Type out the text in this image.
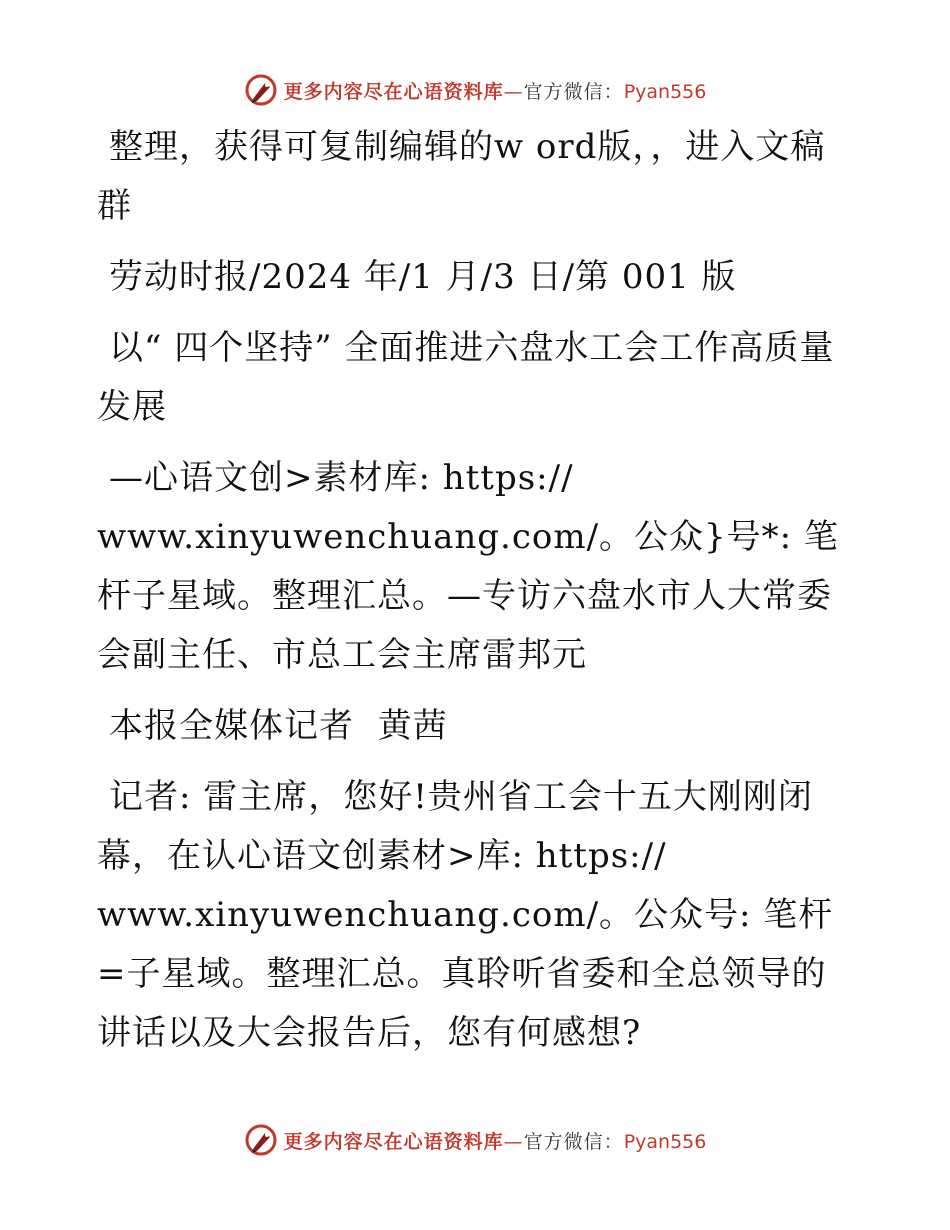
更多内容尽在心语资料库—官方微信：Pyan556

整理，获得可复制编辑的w ord版，，进入文稿群

劳动时报/2024 年/1 月/3 日/第 001 版

以“ 四个坚持” 全面推进六盘水工会工作高质量发展

—心语文创>素材库: https://
www.xinyuwenchuang.com/。公众}号*: 笔杆子星域。整理汇总。—专访六盘水市人大常委会副主任、市总工会主席雷邦元

本报全媒体记者  黄茜

记者: 雷主席，您好!贵州省工会十五大刚刚闭幕，在认心语文创素材>库: https://
www.xinyuwenchuang.com/。公众号: 笔杆=子星域。整理汇总。真聆听省委和全总领导的讲话以及大会报告后，您有何感想?

更多内容尽在心语资料库—官方微信：Pyan556
